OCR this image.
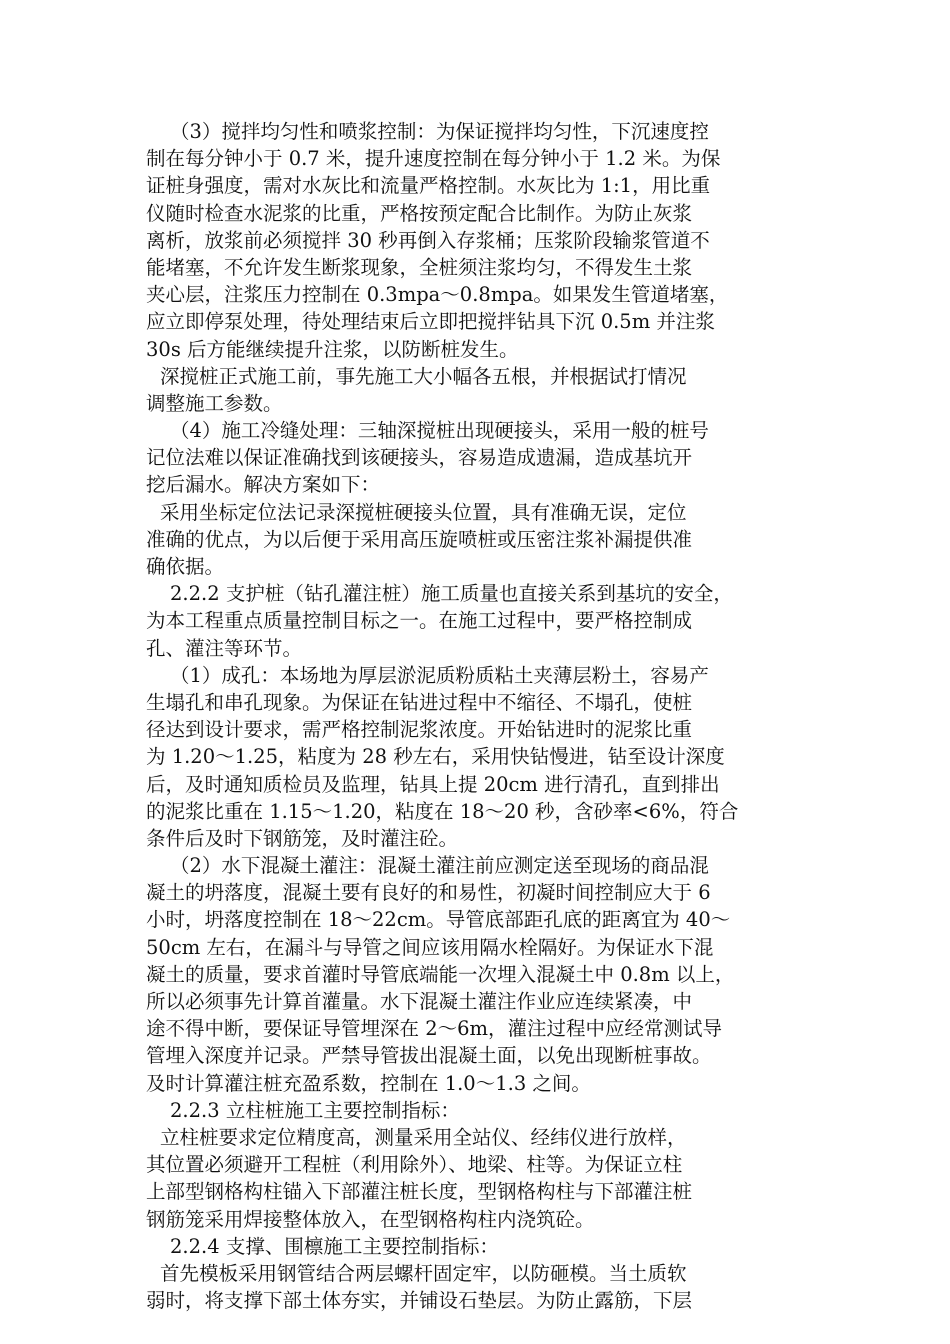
（3）搅拌均匀性和喷浆控制：为保证搅拌均匀性，下沉速度控
制在每分钟小于 0.7 米，提升速度控制在每分钟小于 1.2 米。为保
证桩身强度，需对水灰比和流量严格控制。水灰比为 1:1，用比重
仪随时检查水泥浆的比重，严格按预定配合比制作。为防止灰浆
离析，放浆前必须搅拌 30 秒再倒入存浆桶；压浆阶段输浆管道不
能堵塞，不允许发生断浆现象，全桩须注浆均匀，不得发生土浆
夹心层，注浆压力控制在 0.3mpa～0.8mpa。如果发生管道堵塞，
应立即停泵处理，待处理结束后立即把搅拌钻具下沉 0.5m 并注浆
30s 后方能继续提升注浆，以防断桩发生。
深搅桩正式施工前，事先施工大小幅各五根，并根据试打情况
调整施工参数。
（4）施工冷缝处理：三轴深搅桩出现硬接头，采用一般的桩号
记位法难以保证准确找到该硬接头，容易造成遗漏，造成基坑开
挖后漏水。解决方案如下：
采用坐标定位法记录深搅桩硬接头位置，具有准确无误，定位
准确的优点，为以后便于采用高压旋喷桩或压密注浆补漏提供准
确依据。
2.2.2 支护桩（钻孔灌注桩）施工质量也直接关系到基坑的安全，
为本工程重点质量控制目标之一。在施工过程中，要严格控制成
孔、灌注等环节。
（1）成孔：本场地为厚层淤泥质粉质粘土夹薄层粉土，容易产
生塌孔和串孔现象。为保证在钻进过程中不缩径、不塌孔，使桩
径达到设计要求，需严格控制泥浆浓度。开始钻进时的泥浆比重
为 1.20～1.25，粘度为 28 秒左右，采用快钻慢进，钻至设计深度
后，及时通知质检员及监理，钻具上提 20cm 进行清孔，直到排出
的泥浆比重在 1.15～1.20，粘度在 18～20 秒，含砂率<6%，符合
条件后及时下钢筋笼，及时灌注砼。
（2）水下混凝土灌注：混凝土灌注前应测定送至现场的商品混
凝土的坍落度，混凝土要有良好的和易性，初凝时间控制应大于 6
小时，坍落度控制在 18～22cm。导管底部距孔底的距离宜为 40～
50cm 左右，在漏斗与导管之间应该用隔水栓隔好。为保证水下混
凝土的质量，要求首灌时导管底端能一次埋入混凝土中 0.8m 以上，
所以必须事先计算首灌量。水下混凝土灌注作业应连续紧凑，中
途不得中断，要保证导管埋深在 2～6m，灌注过程中应经常测试导
管埋入深度并记录。严禁导管拔出混凝土面，以免出现断桩事故。
及时计算灌注桩充盈系数，控制在 1.0～1.3 之间。
2.2.3 立柱桩施工主要控制指标：
立柱桩要求定位精度高，测量采用全站仪、经纬仪进行放样，
其位置必须避开工程桩（利用除外）、地梁、柱等。为保证立柱
上部型钢格构柱锚入下部灌注桩长度，型钢格构柱与下部灌注桩
钢筋笼采用焊接整体放入，在型钢格构柱内浇筑砼。
2.2.4 支撑、围檩施工主要控制指标：
首先模板采用钢管结合两层螺杆固定牢，以防砸模。当土质软
弱时，将支撑下部土体夯实，并铺设石垫层。为防止露筋，下层
